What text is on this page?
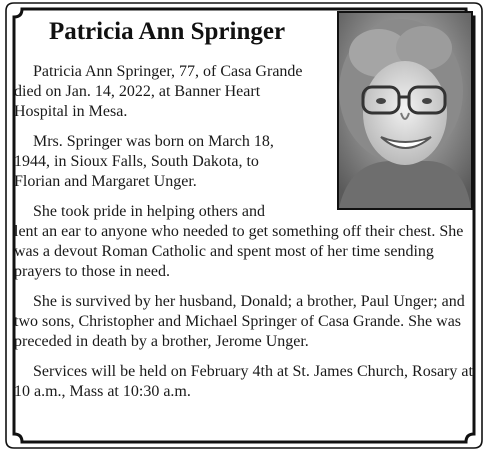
Patricia Ann Springer

Patricia Ann Springer, 77, of Casa Grande died on Jan. 14, 2022, at Banner Heart Hospital in Mesa.

Mrs. Springer was born on March 18, 1944, in Sioux Falls, South Dakota, to Florian and Margaret Unger.

She took pride in helping others and
lent an ear to anyone who needed to get something off their chest. She was a devout Roman Catholic and spent most of her time sending prayers to those in need.

She is survived by her husband, Donald; a brother, Paul Unger; and two sons, Christopher and Michael Springer of Casa Grande. She was preceded in death by a brother, Jerome Unger.

Services will be held on February 4th at St. James Church, Rosary at 10 a.m., Mass at 10:30 a.m.
